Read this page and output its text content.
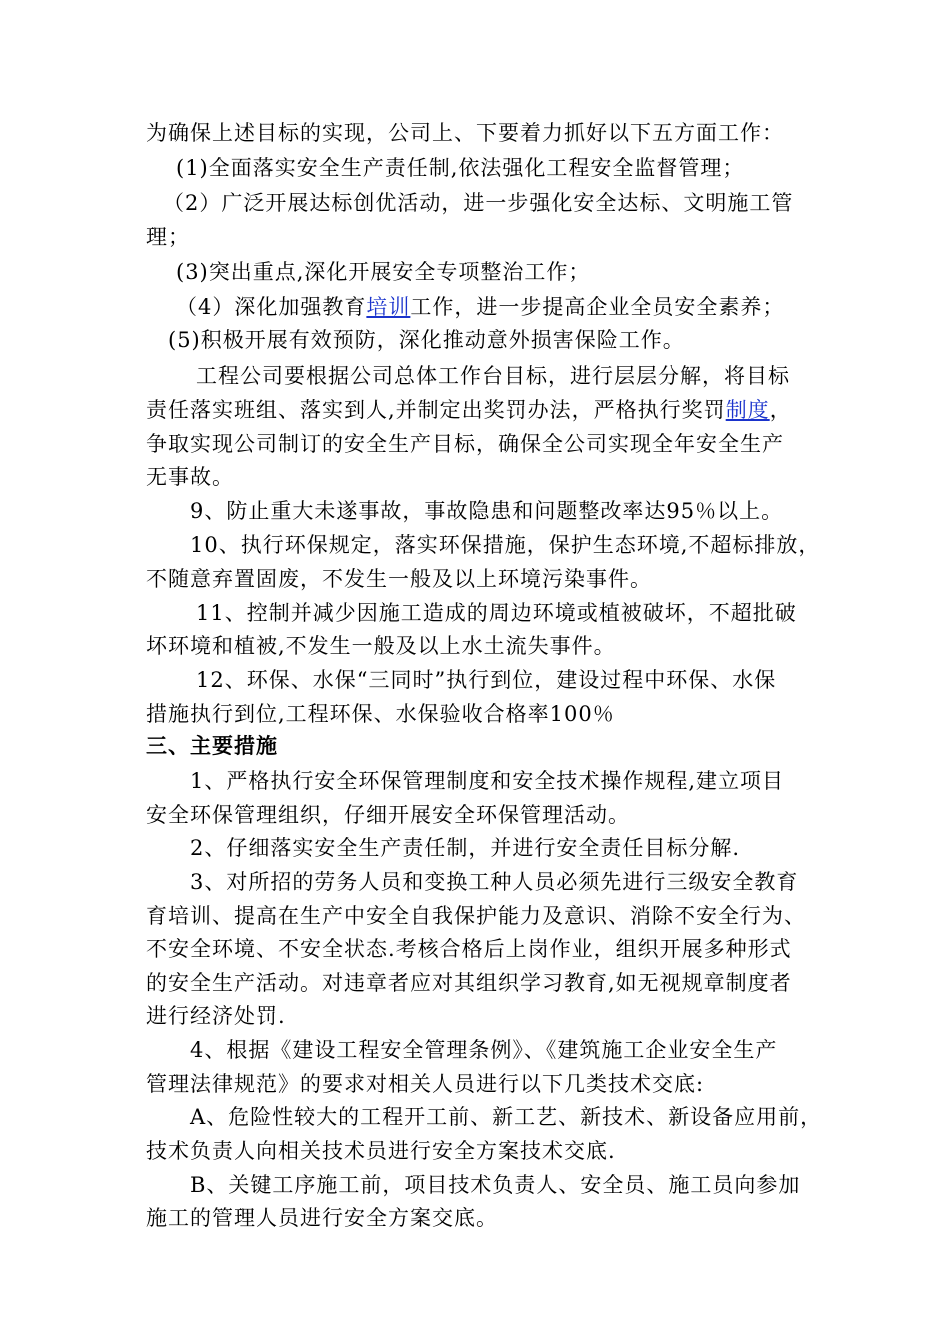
为确保上述目标的实现，公司上、下要着力抓好以下五方面工作：
(1)全面落实安全生产责任制,依法强化工程安全监督管理；
（2）广泛开展达标创优活动，进一步强化安全达标、文明施工管
理；
(3)突出重点,深化开展安全专项整治工作；
（4）深化加强教育培训工作，进一步提高企业全员安全素养；
(5)积极开展有效预防，深化推动意外损害保险工作。
工程公司要根据公司总体工作台目标，进行层层分解，将目标
责任落实班组、落实到人,并制定出奖罚办法，严格执行奖罚制度，
争取实现公司制订的安全生产目标，确保全公司实现全年安全生产
无事故。
9、防止重大未遂事故，事故隐患和问题整改率达95％以上。
10、执行环保规定，落实环保措施，保护生态环境,不超标排放，
不随意弃置固废，不发生一般及以上环境污染事件。
11、控制并减少因施工造成的周边环境或植被破坏，不超批破
坏环境和植被,不发生一般及以上水土流失事件。
12、环保、水保“三同时”执行到位，建设过程中环保、水保
措施执行到位,工程环保、水保验收合格率100％
三、主要措施
1、严格执行安全环保管理制度和安全技术操作规程,建立项目
安全环保管理组织，仔细开展安全环保管理活动。
2、仔细落实安全生产责任制，并进行安全责任目标分解.
3、对所招的劳务人员和变换工种人员必须先进行三级安全教育
育培训、提高在生产中安全自我保护能力及意识、消除不安全行为、
不安全环境、不安全状态.考核合格后上岗作业，组织开展多种形式
的安全生产活动。对违章者应对其组织学习教育,如无视规章制度者
进行经济处罚.
4、根据《建设工程安全管理条例》、《建筑施工企业安全生产
管理法律规范》的要求对相关人员进行以下几类技术交底:
A、危险性较大的工程开工前、新工艺、新技术、新设备应用前，
技术负责人向相关技术员进行安全方案技术交底.
B、关键工序施工前，项目技术负责人、安全员、施工员向参加
施工的管理人员进行安全方案交底。
